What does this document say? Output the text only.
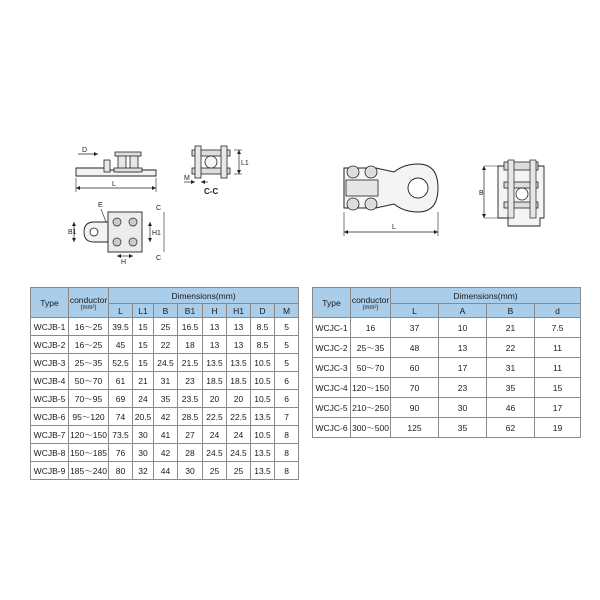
D
L
L1
M
C-C
E
B1	H1
C
H
C
L
B
Type	conductor
(mm²)	Dimensions(mm)							
		L	L1	B	B1	H	H1	D	M
WCJB-1	16～25	39.5	15	25	16.5	13	13	8.5	5
WCJB-2	16～25	45	15	22	18	13	13	8.5	5
WCJB-3	25～35	52.5	15	24.5	21.5	13.5	13.5	10.5	5
WCJB-4	50～70	61	21	31	23	18.5	18.5	10.5	6
WCJB-5	70～95	69	24	35	23.5	20	20	10.5	6
WCJB-6	95～120	74	20.5	42	28.5	22.5	22.5	13.5	7
WCJB-7	120～150	73.5	30	41	27	24	24	10.5	8
WCJB-8	150～185	76	30	42	28	24.5	24.5	13.5	8
WCJB-9	185～240	80	32	44	30	25	25	13.5	8
Type	conductor
(mm²)	Dimensions(mm)			
		L	A	B	d
WCJC-1	16	37	10	21	7.5
WCJC-2	25～35	48	13	22	11
WCJC-3	50～70	60	17	31	11
WCJC-4	120～150	70	23	35	15
WCJC-5	210～250	90	30	46	17
WCJC-6	300～500	125	35	62	19
